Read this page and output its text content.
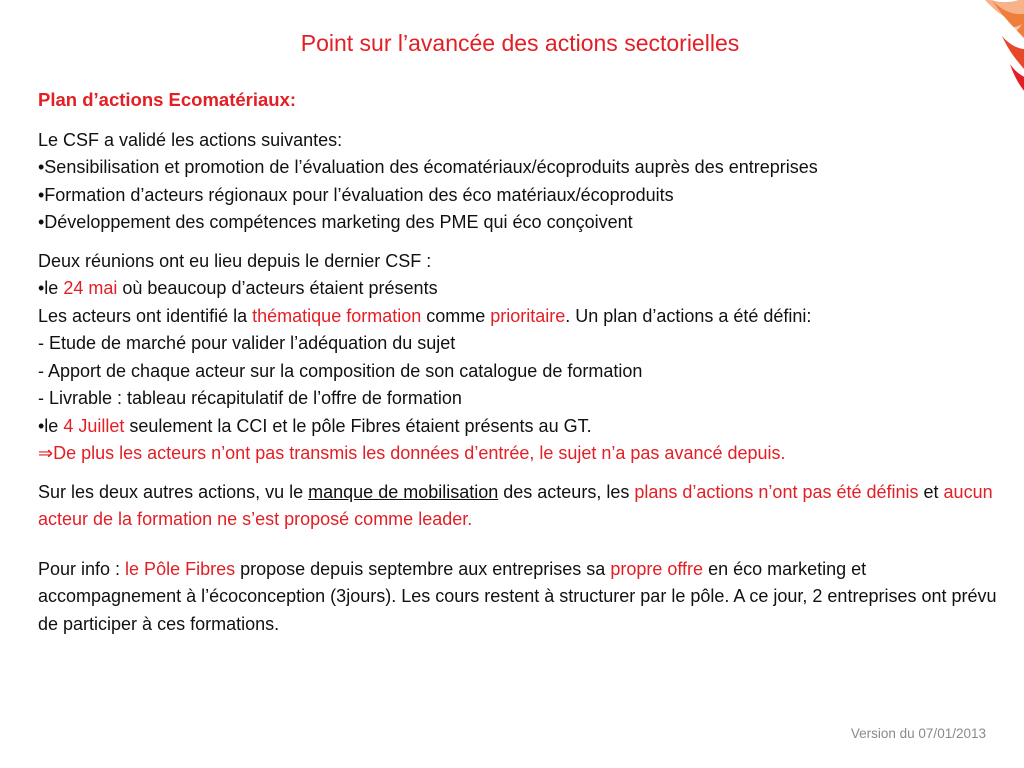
Point sur l’avancée des actions sectorielles
Plan d’actions Ecomatériaux:

Le CSF a validé les actions suivantes:

•Sensibilisation et promotion de l’évaluation des écomatériaux/écoproduits auprès des entreprises

•Formation d’acteurs régionaux pour l’évaluation des éco matériaux/écoproduits

•Développement des compétences marketing des PME qui éco conçoivent

Deux réunions ont eu lieu depuis le dernier CSF :

•le 24 mai où beaucoup d’acteurs étaient présents

Les acteurs ont identifié la thématique formation comme prioritaire. Un plan d’actions a été défini:

- Etude de marché pour valider l’adéquation du sujet

- Apport de chaque acteur sur la composition de son catalogue de formation

- Livrable : tableau récapitulatif de l’offre de formation

•le 4 Juillet seulement la CCI et le pôle Fibres étaient présents au GT.

⇒De plus les acteurs n’ont pas transmis les données d’entrée, le sujet n’a pas avancé depuis.

Sur les deux autres actions, vu le manque de mobilisation des acteurs, les plans d’actions n’ont pas été définis et aucun acteur de la formation ne s’est proposé comme leader.

Pour info : le Pôle Fibres propose depuis septembre aux entreprises sa propre offre en éco marketing et accompagnement à l’écoconception (3jours). Les cours restent à structurer par le pôle. A ce jour, 2 entreprises ont prévu de participer à ces formations.

Version du 07/01/2013
